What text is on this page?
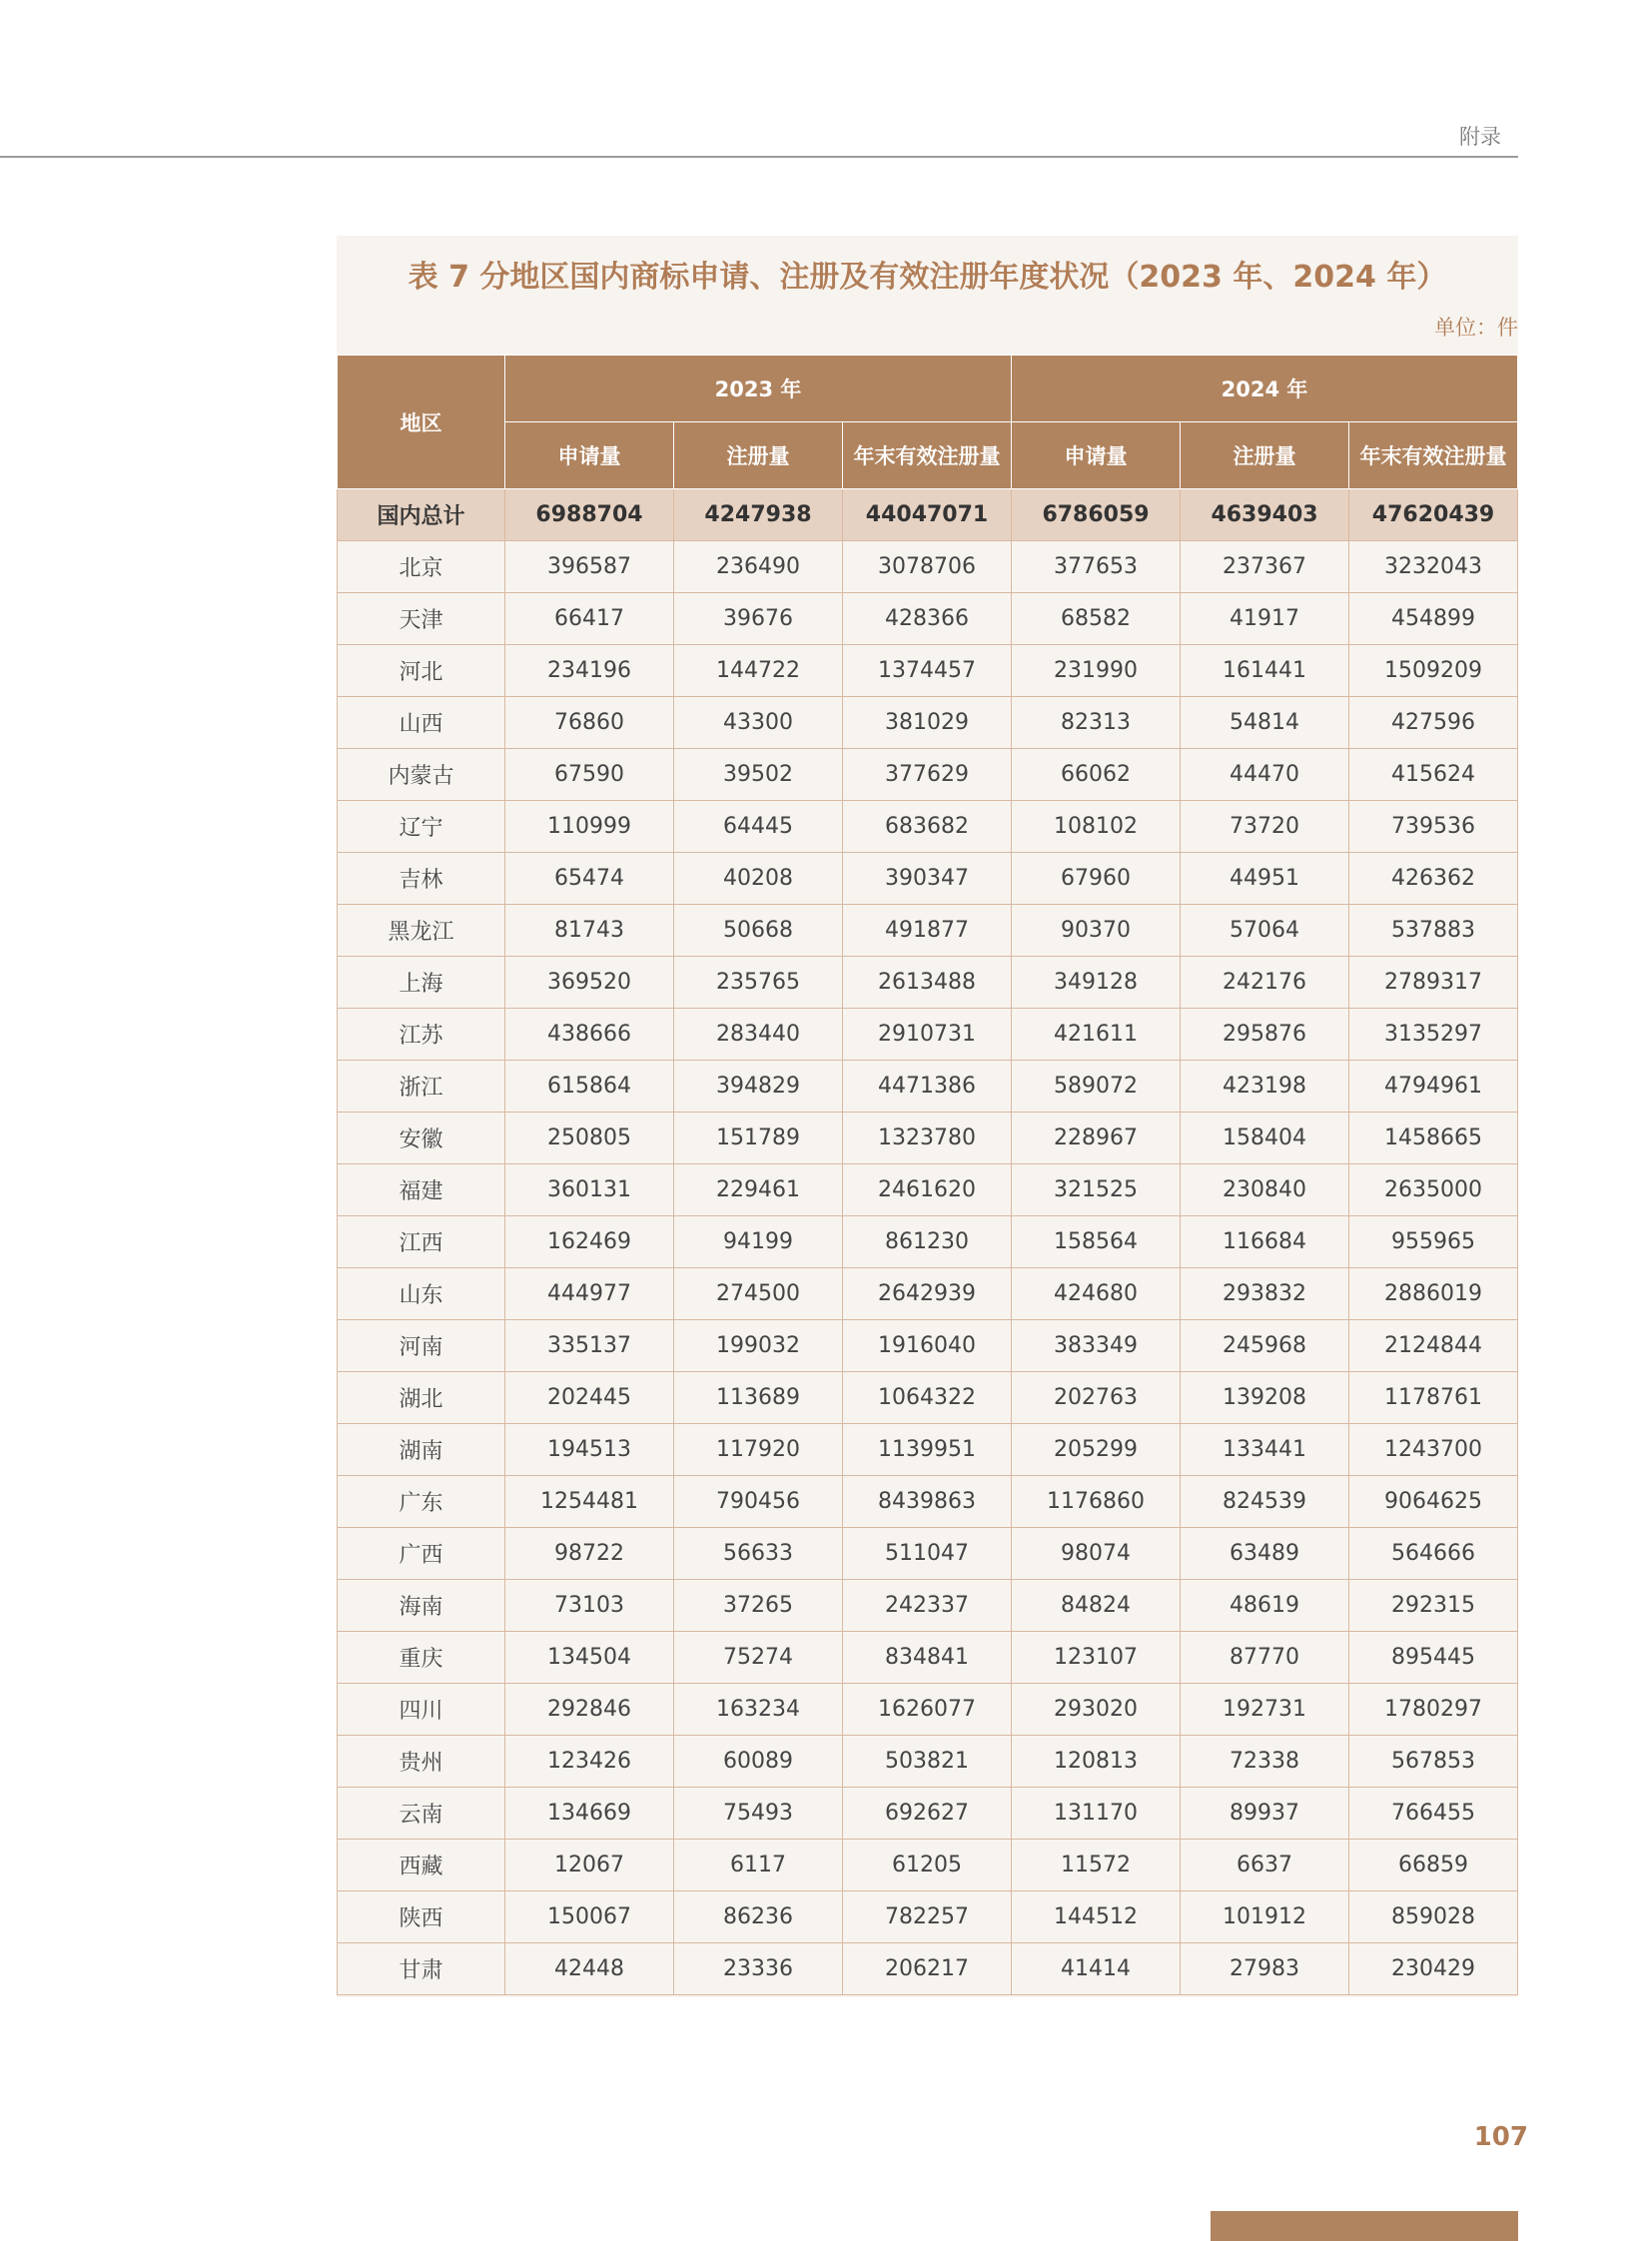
附录
表 7 分地区国内商标申请、注册及有效注册年度状况（2023 年、2024 年）
单位：件
地区	2023 年			2024 年		
	申请量	注册量	年末有效注册量	申请量	注册量	年末有效注册量
国内总计	6988704	4247938	44047071	6786059	4639403	47620439
北京	396587	236490	3078706	377653	237367	3232043
天津	66417	39676	428366	68582	41917	454899
河北	234196	144722	1374457	231990	161441	1509209
山西	76860	43300	381029	82313	54814	427596
内蒙古	67590	39502	377629	66062	44470	415624
辽宁	110999	64445	683682	108102	73720	739536
吉林	65474	40208	390347	67960	44951	426362
黑龙江	81743	50668	491877	90370	57064	537883
上海	369520	235765	2613488	349128	242176	2789317
江苏	438666	283440	2910731	421611	295876	3135297
浙江	615864	394829	4471386	589072	423198	4794961
安徽	250805	151789	1323780	228967	158404	1458665
福建	360131	229461	2461620	321525	230840	2635000
江西	162469	94199	861230	158564	116684	955965
山东	444977	274500	2642939	424680	293832	2886019
河南	335137	199032	1916040	383349	245968	2124844
湖北	202445	113689	1064322	202763	139208	1178761
湖南	194513	117920	1139951	205299	133441	1243700
广东	1254481	790456	8439863	1176860	824539	9064625
广西	98722	56633	511047	98074	63489	564666
海南	73103	37265	242337	84824	48619	292315
重庆	134504	75274	834841	123107	87770	895445
四川	292846	163234	1626077	293020	192731	1780297
贵州	123426	60089	503821	120813	72338	567853
云南	134669	75493	692627	131170	89937	766455
西藏	12067	6117	61205	11572	6637	66859
陕西	150067	86236	782257	144512	101912	859028
甘肃	42448	23336	206217	41414	27983	230429
107
